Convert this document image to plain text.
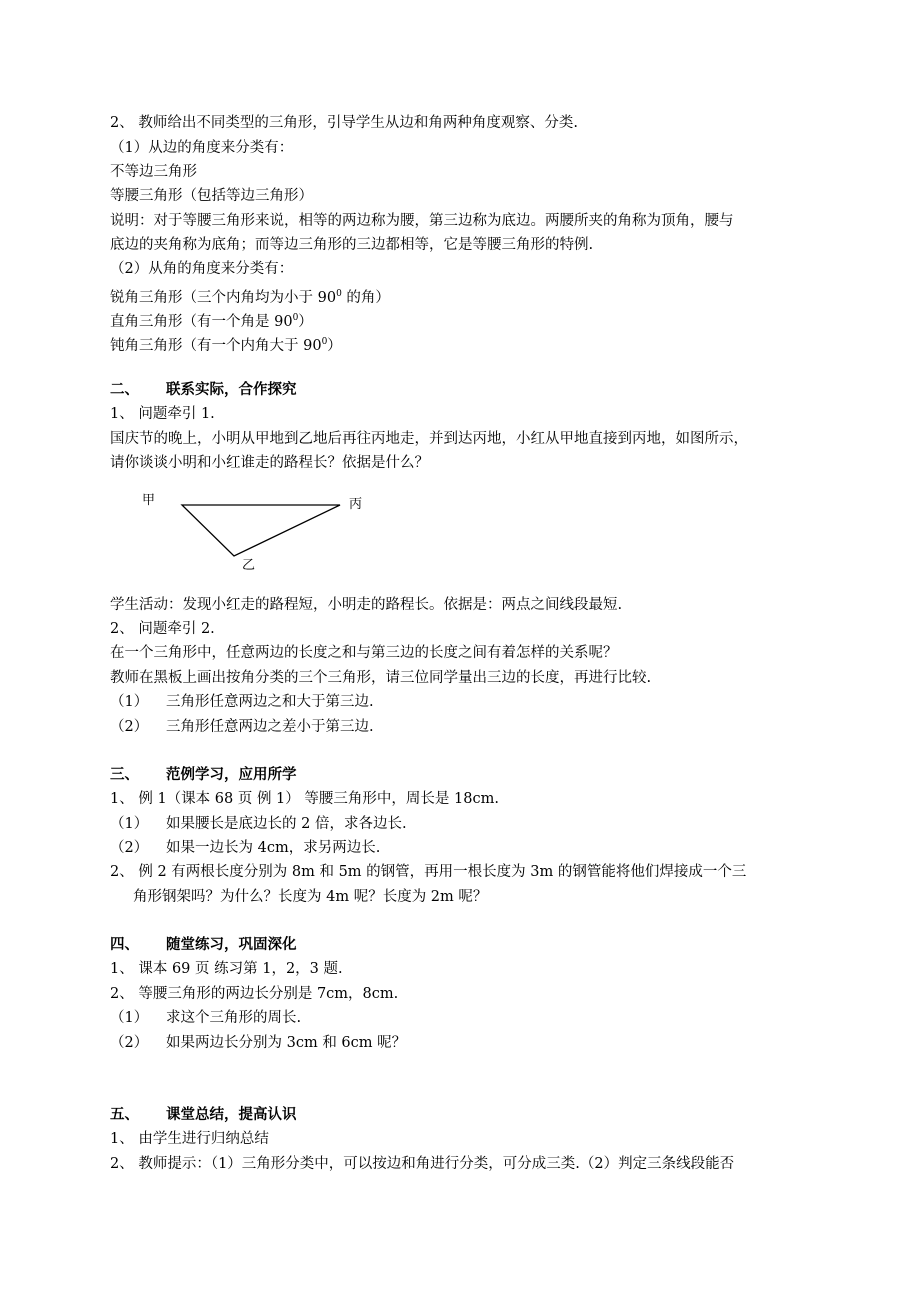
2、 教师给出不同类型的三角形，引导学生从边和角两种角度观察、分类.
（1）从边的角度来分类有：
不等边三角形
等腰三角形（包括等边三角形）
说明：对于等腰三角形来说，相等的两边称为腰，第三边称为底边。两腰所夹的角称为顶角，腰与
底边的夹角称为底角；而等边三角形的三边都相等，它是等腰三角形的特例.
（2）从角的角度来分类有：
锐角三角形（三个内角均为小于 $90^0$ 的角）
直角三角形（有一个角是 $90^0$）
钝角三角形（有一个内角大于 $90^0$）
二、 联系实际，合作探究
1、 问题牵引 1.
国庆节的晚上，小明从甲地到乙地后再往丙地走，并到达丙地，小红从甲地直接到丙地，如图所示，
请你谈谈小明和小红谁走的路程长？依据是什么？
甲	丙
乙
学生活动：发现小红走的路程短，小明走的路程长。依据是：两点之间线段最短.
2、 问题牵引 2.
在一个三角形中，任意两边的长度之和与第三边的长度之间有着怎样的关系呢？
教师在黑板上画出按角分类的三个三角形，请三位同学量出三边的长度，再进行比较.
（1） 三角形任意两边之和大于第三边.
（2） 三角形任意两边之差小于第三边.
三、 范例学习，应用所学
1、 例 1（课本 68 页 例 1） 等腰三角形中，周长是 18cm.
（1） 如果腰长是底边长的 2 倍，求各边长.
（2） 如果一边长为 4cm，求另两边长.
2、 例 2 有两根长度分别为 8m 和 5m 的钢管，再用一根长度为 3m 的钢管能将他们焊接成一个三
角形钢架吗？为什么？长度为 4m 呢？长度为 2m 呢？
四、 随堂练习，巩固深化
1、 课本 69 页 练习第 1，2，3 题.
2、 等腰三角形的两边长分别是 7cm，8cm.
（1） 求这个三角形的周长.
（2） 如果两边长分别为 3cm 和 6cm 呢？
五、 课堂总结，提高认识
1、 由学生进行归纳总结
2、 教师提示：（1）三角形分类中，可以按边和角进行分类，可分成三类.（2）判定三条线段能否
